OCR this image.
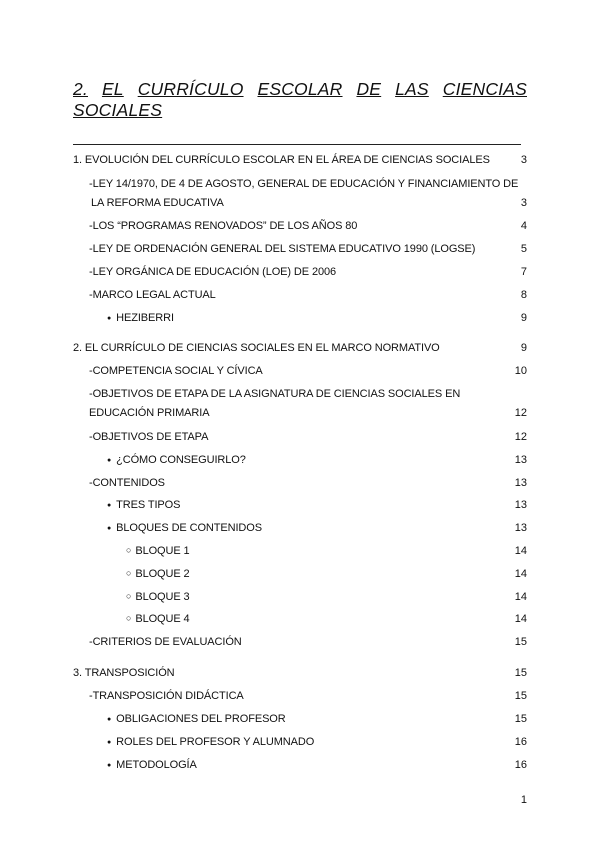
2. EL CURRÍCULO ESCOLAR DE LAS CIENCIAS
SOCIALES
1. EVOLUCIÓN DEL CURRÍCULO ESCOLAR EN EL ÁREA DE CIENCIAS SOCIALES	3
-LEY 14/1970, DE 4 DE AGOSTO, GENERAL DE EDUCACIÓN Y FINANCIAMIENTO DE
LA REFORMA EDUCATIVA	3
-LOS “PROGRAMAS RENOVADOS” DE LOS AÑOS 80	4
-LEY DE ORDENACIÓN GENERAL DEL SISTEMA EDUCATIVO 1990 (LOGSE)	5
-LEY ORGÁNICA DE EDUCACIÓN (LOE) DE 2006	7
-MARCO LEGAL ACTUAL	8
● HEZIBERRI	9
2. EL CURRÍCULO DE CIENCIAS SOCIALES EN EL MARCO NORMATIVO	9
-COMPETENCIA SOCIAL Y CÍVICA	10
-OBJETIVOS DE ETAPA DE LA ASIGNATURA DE CIENCIAS SOCIALES EN
EDUCACIÓN PRIMARIA	12
-OBJETIVOS DE ETAPA	12
● ¿CÓMO CONSEGUIRLO?	13
-CONTENIDOS	13
● TRES TIPOS	13
● BLOQUES DE CONTENIDOS	13
○ BLOQUE 1	14
○ BLOQUE 2	14
○ BLOQUE 3	14
○ BLOQUE 4	14
-CRITERIOS DE EVALUACIÓN	15
3. TRANSPOSICIÓN	15
-TRANSPOSICIÓN DIDÁCTICA	15
● OBLIGACIONES DEL PROFESOR	15
● ROLES DEL PROFESOR Y ALUMNADO	16
● METODOLOGÍA	16
1
